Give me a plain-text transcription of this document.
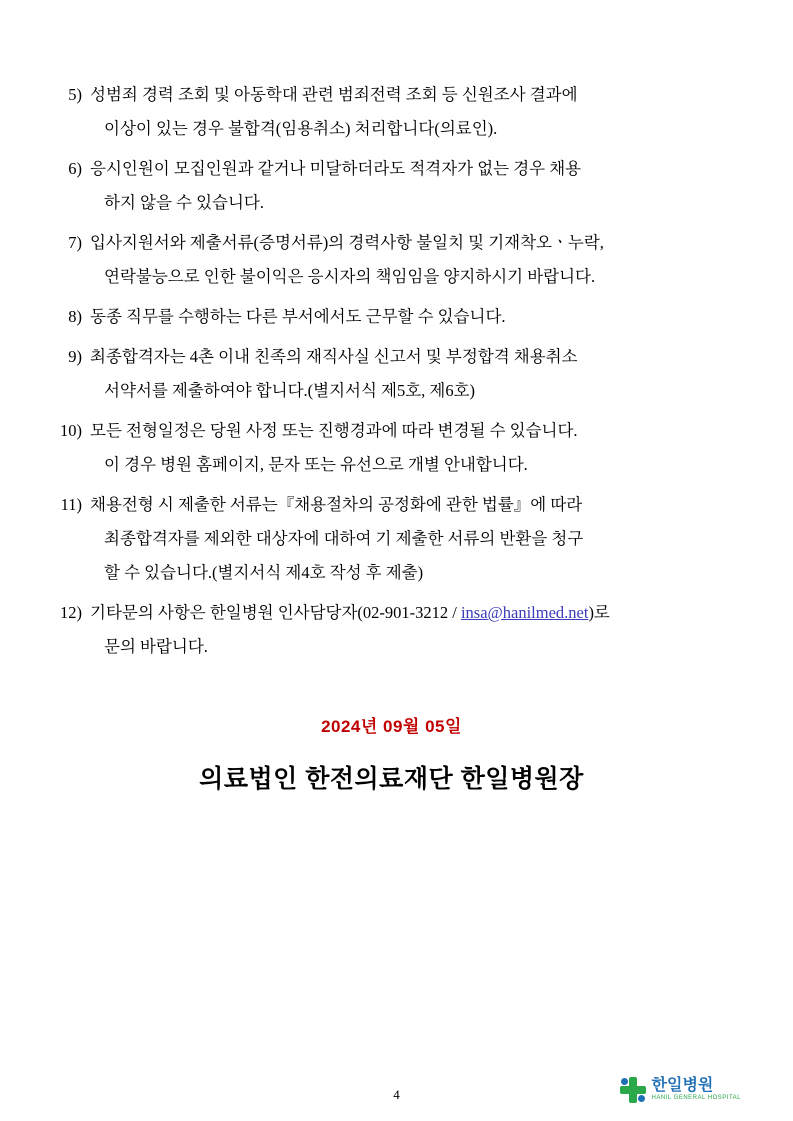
5) 성범죄 경력 조회 및 아동학대 관련 범죄전력 조회 등 신원조사 결과에
이상이 있는 경우 불합격(임용취소) 처리합니다(의료인).
6) 응시인원이 모집인원과 같거나 미달하더라도 적격자가 없는 경우 채용
하지 않을 수 있습니다.
7) 입사지원서와 제출서류(증명서류)의 경력사항 불일치 및 기재착오ㆍ누락,
연락불능으로 인한 불이익은 응시자의 책임임을 양지하시기 바랍니다.
8) 동종 직무를 수행하는 다른 부서에서도 근무할 수 있습니다.
9) 최종합격자는 4촌 이내 친족의 재직사실 신고서 및 부정합격 채용취소
서약서를 제출하여야 합니다.(별지서식 제5호, 제6호)
10) 모든 전형일정은 당원 사정 또는 진행경과에 따라 변경될 수 있습니다.
이 경우 병원 홈페이지, 문자 또는 유선으로 개별 안내합니다.
11) 채용전형 시 제출한 서류는『채용절차의 공정화에 관한 법률』에 따라
최종합격자를 제외한 대상자에 대하여 기 제출한 서류의 반환을 청구
할 수 있습니다.(별지서식 제4호 작성 후 제출)
12) 기타문의 사항은 한일병원 인사담당자(02-901-3212 / insa@hanilmed.net)로
문의 바랍니다.
2024년 09월 05일
의료법인 한전의료재단 한일병원장
4
한일병원
HANIL GENERAL HOSPITAL
